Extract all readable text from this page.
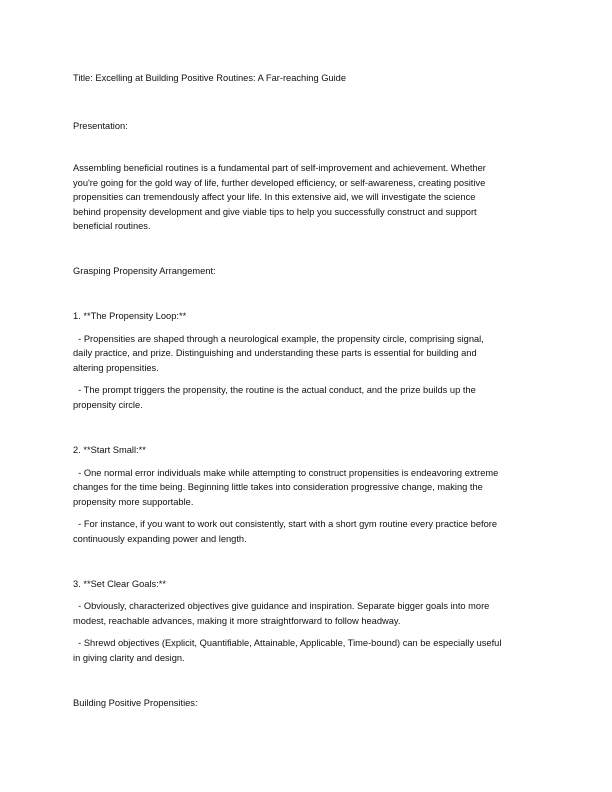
Title: Excelling at Building Positive Routines: A Far-reaching Guide
Presentation:
Assembling beneficial routines is a fundamental part of self-improvement and achievement. Whether
you're going for the gold way of life, further developed efficiency, or self-awareness, creating positive
propensities can tremendously affect your life. In this extensive aid, we will investigate the science
behind propensity development and give viable tips to help you successfully construct and support
beneficial routines.
Grasping Propensity Arrangement:
1. **The Propensity Loop:**
- Propensities are shaped through a neurological example, the propensity circle, comprising signal,
daily practice, and prize. Distinguishing and understanding these parts is essential for building and
altering propensities.
- The prompt triggers the propensity, the routine is the actual conduct, and the prize builds up the
propensity circle.
2. **Start Small:**
- One normal error individuals make while attempting to construct propensities is endeavoring extreme
changes for the time being. Beginning little takes into consideration progressive change, making the
propensity more supportable.
- For instance, if you want to work out consistently, start with a short gym routine every practice before
continuously expanding power and length.
3. **Set Clear Goals:**
- Obviously, characterized objectives give guidance and inspiration. Separate bigger goals into more
modest, reachable advances, making it more straightforward to follow headway.
- Shrewd objectives (Explicit, Quantifiable, Attainable, Applicable, Time-bound) can be especially useful
in giving clarity and design.
Building Positive Propensities:
